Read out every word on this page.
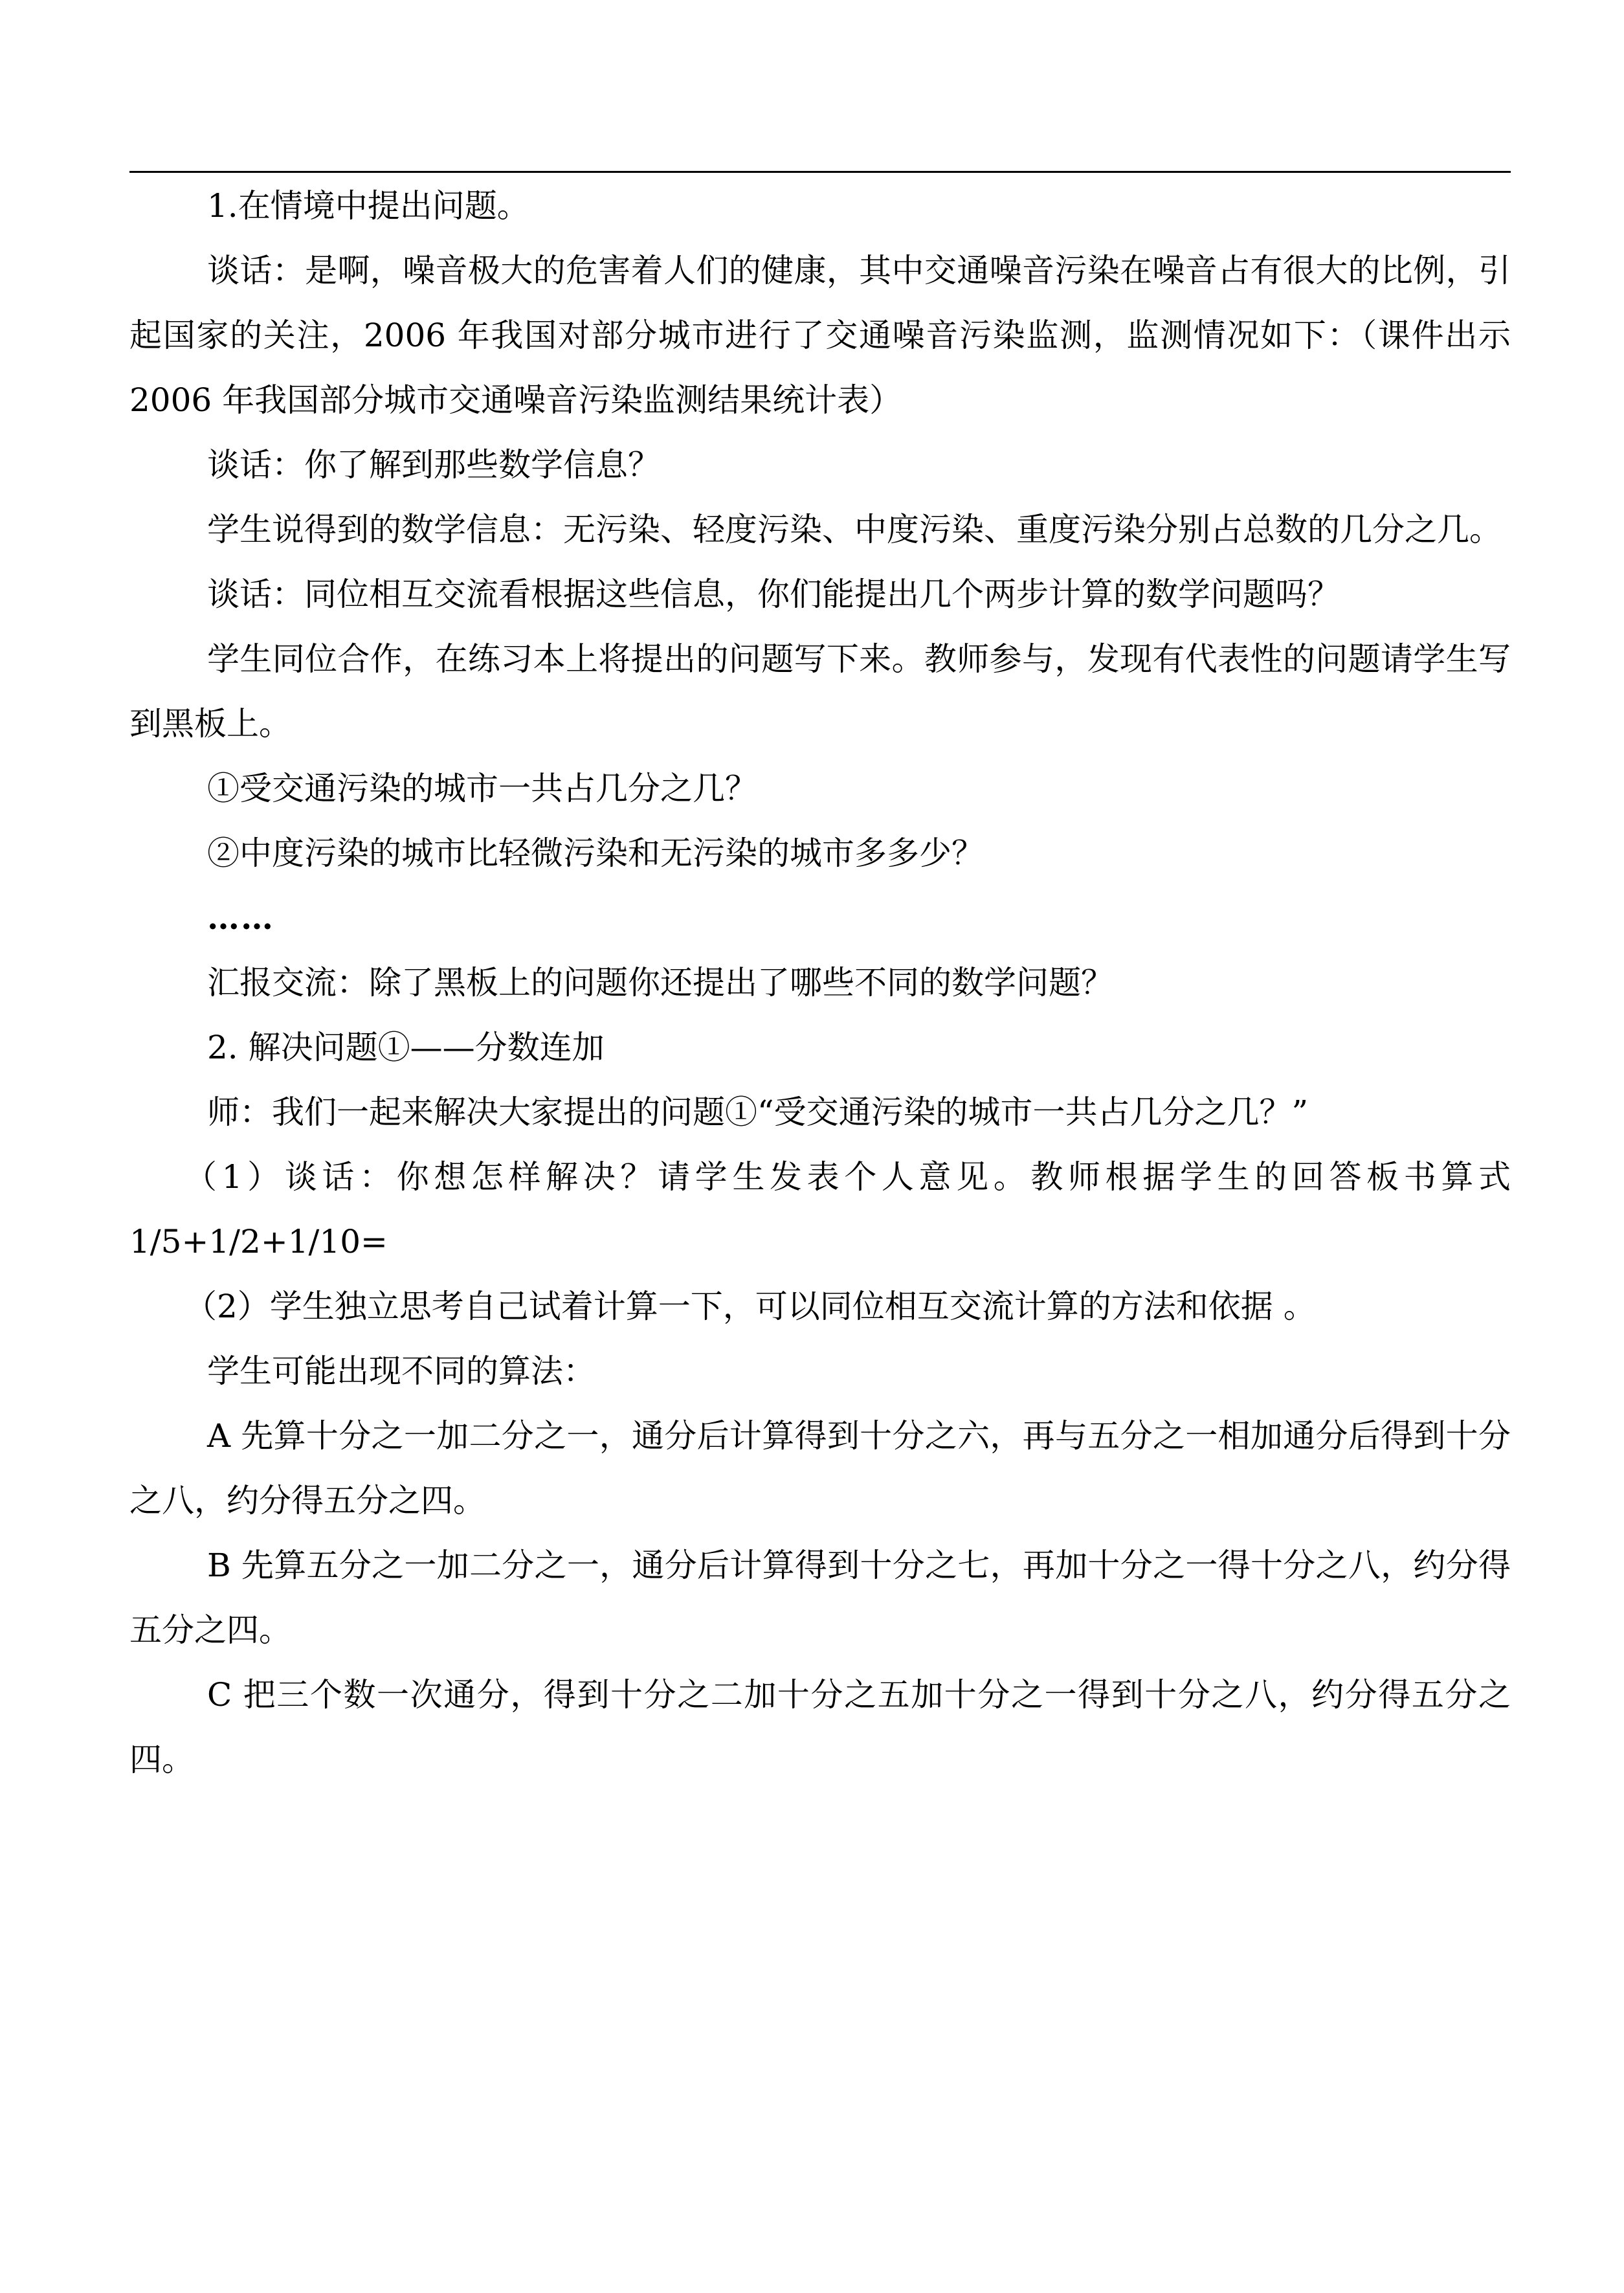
1.在情境中提出问题。

谈话：是啊，噪音极大的危害着人们的健康，其中交通噪音污染在噪音占有很大的比例，引起国家的关注，2006 年我国对部分城市进行了交通噪音污染监测，监测情况如下：（课件出示 2006 年我国部分城市交通噪音污染监测结果统计表）

谈话：你了解到那些数学信息？

学生说得到的数学信息：无污染、轻度污染、中度污染、重度污染分别占总数的几分之几。

谈话：同位相互交流看根据这些信息，你们能提出几个两步计算的数学问题吗？

学生同位合作，在练习本上将提出的问题写下来。教师参与，发现有代表性的问题请学生写到黑板上。

①受交通污染的城市一共占几分之几？

②中度污染的城市比轻微污染和无污染的城市多多少？

……

汇报交流：除了黑板上的问题你还提出了哪些不同的数学问题？

2. 解决问题①——分数连加

师：我们一起来解决大家提出的问题①“受交通污染的城市一共占几分之几？”

（1）谈话：你想怎样解决？请学生发表个人意见。教师根据学生的回答板书算式 1/5+1/2+1/10=

（2）学生独立思考自己试着计算一下，可以同位相互交流计算的方法和依据 。

学生可能出现不同的算法：

A 先算十分之一加二分之一，通分后计算得到十分之六，再与五分之一相加通分后得到十分之八，约分得五分之四。

B 先算五分之一加二分之一，通分后计算得到十分之七，再加十分之一得十分之八，约分得五分之四。

C 把三个数一次通分，得到十分之二加十分之五加十分之一得到十分之八，约分得五分之四。
